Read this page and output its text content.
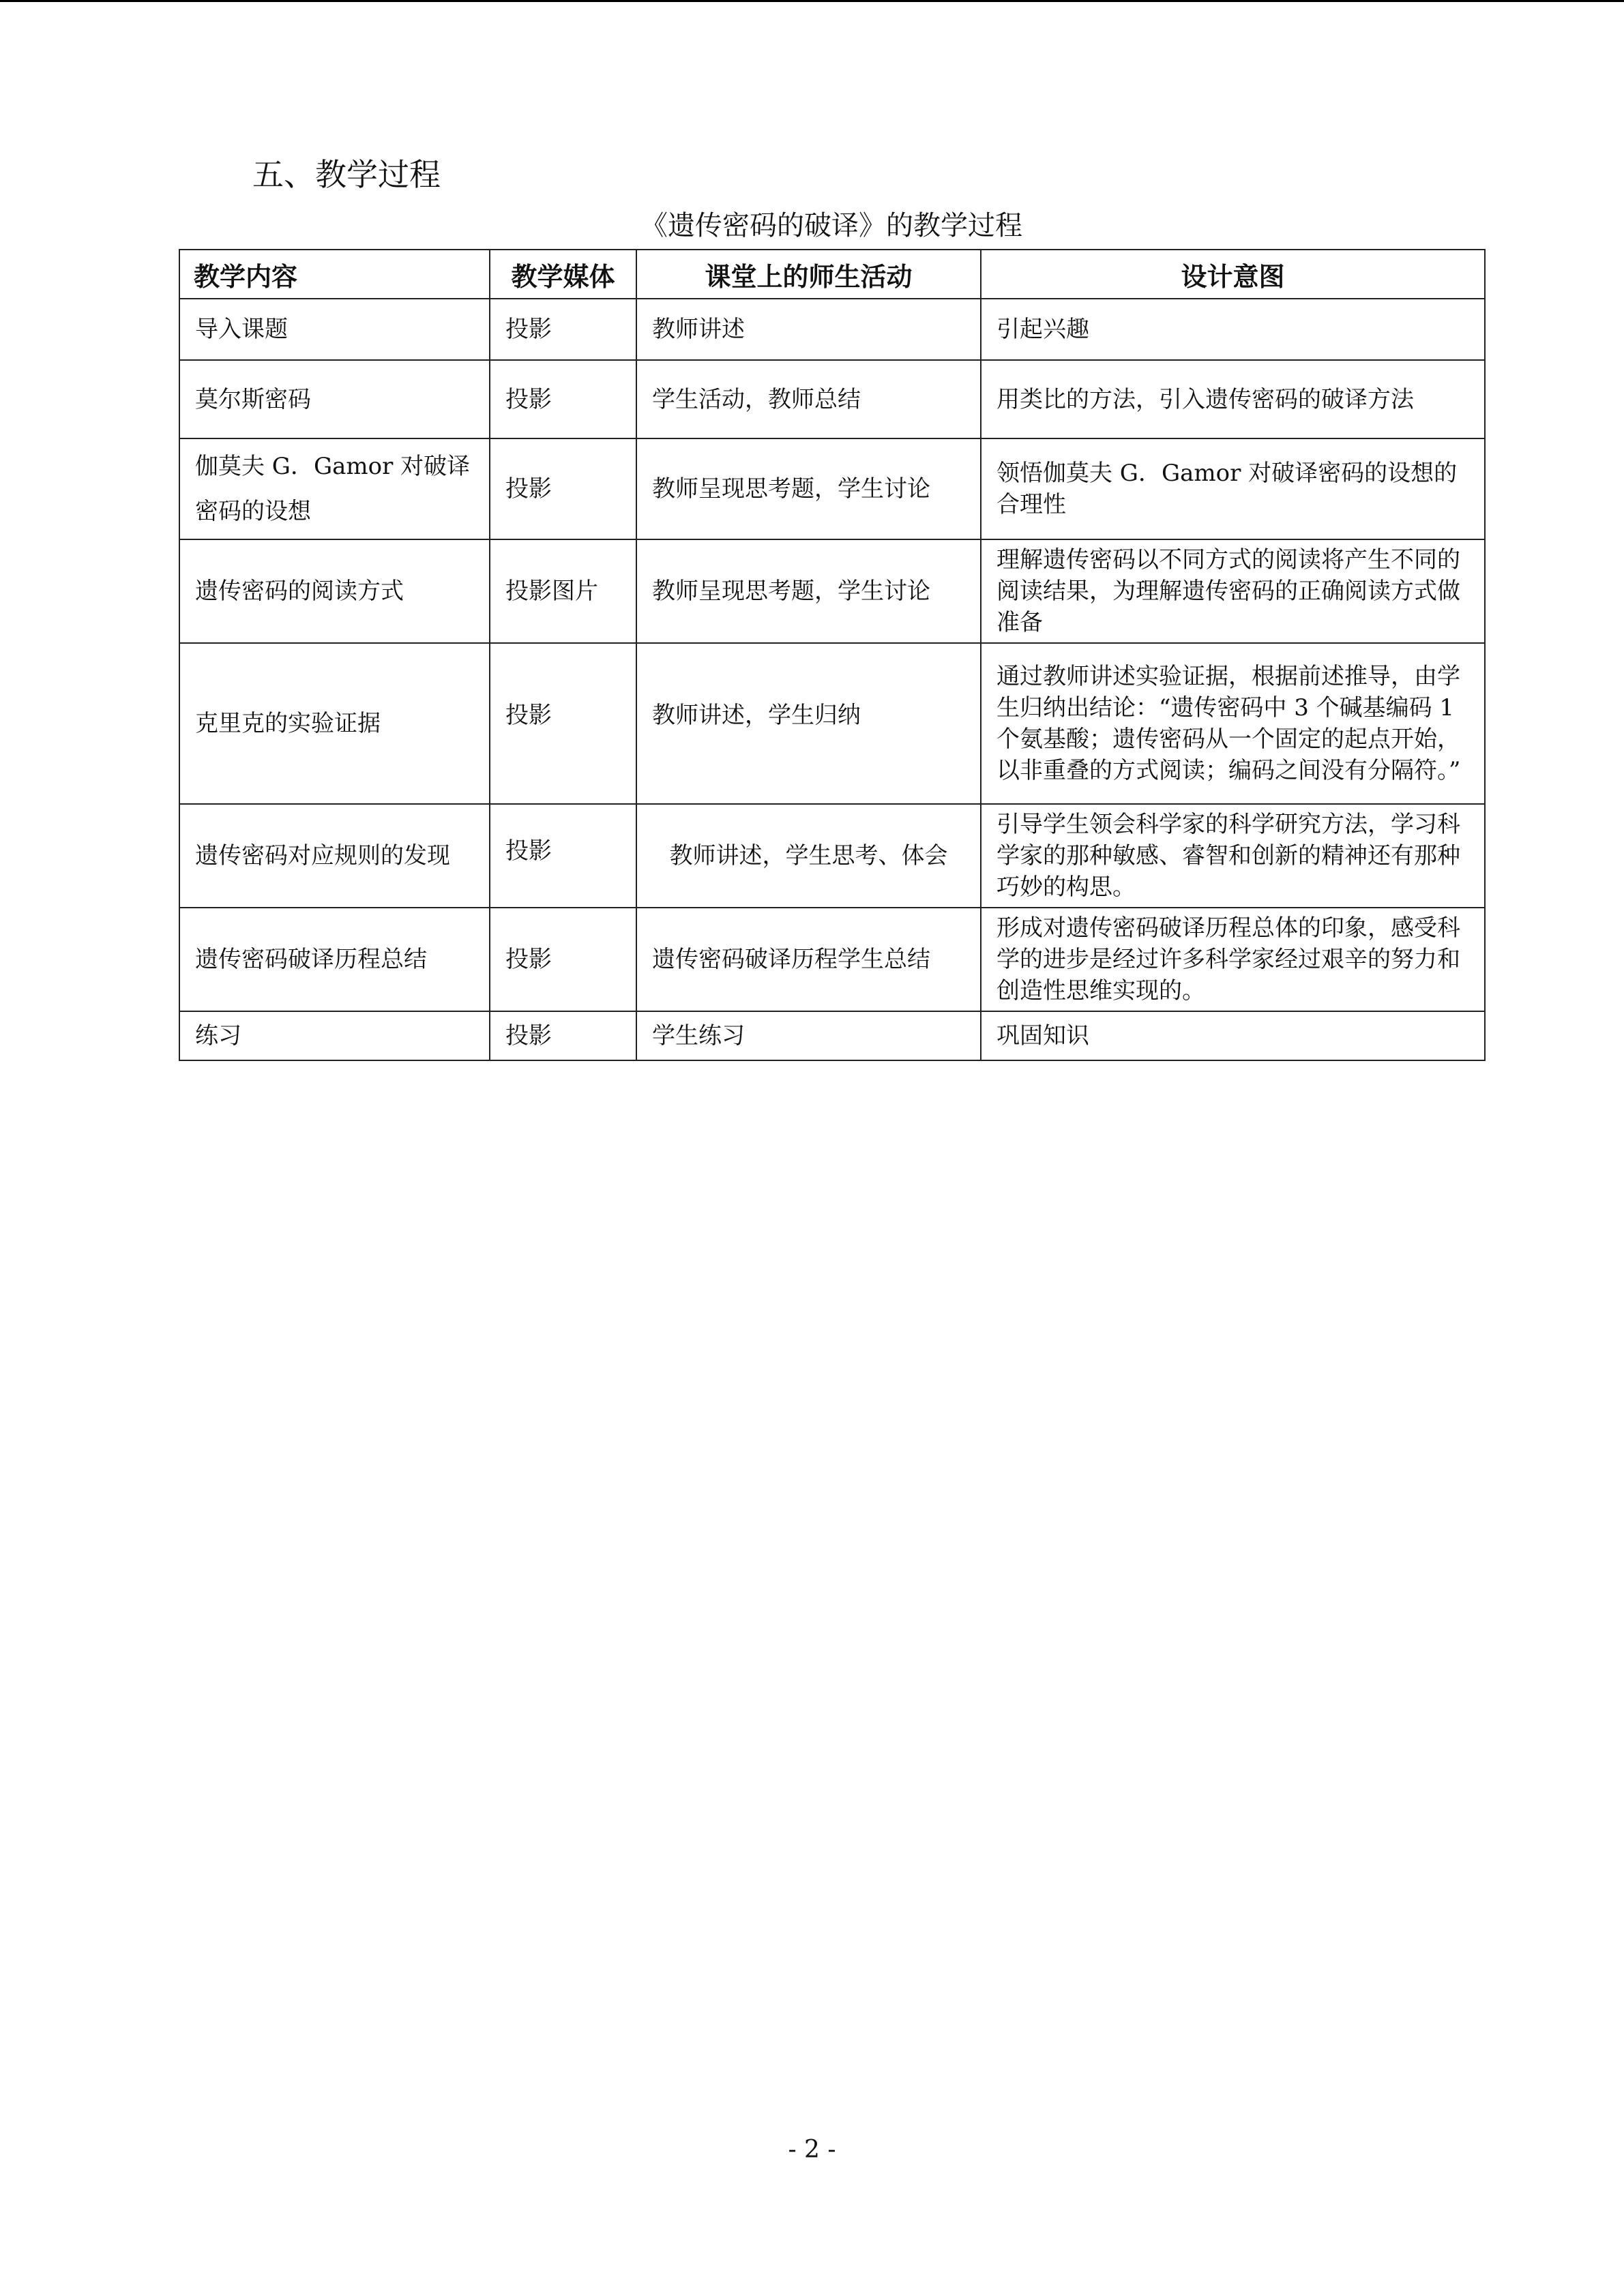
五、教学过程
《遗传密码的破译》的教学过程
教学内容	教学媒体	课堂上的师生活动	设计意图
导入课题	投影	教师讲述	引起兴趣
莫尔斯密码	投影	学生活动，教师总结	用类比的方法，引入遗传密码的破译方法
伽莫夫 G．Gamor 对破译密码的设想	投影	教师呈现思考题，学生讨论	领悟伽莫夫 G．Gamor 对破译密码的设想的合理性
遗传密码的阅读方式	投影图片	教师呈现思考题，学生讨论	理解遗传密码以不同方式的阅读将产生不同的阅读结果，为理解遗传密码的正确阅读方式做准备
克里克的实验证据	投影	教师讲述，学生归纳	通过教师讲述实验证据，根据前述推导，由学生归纳出结论：“遗传密码中 3 个碱基编码 1 个氨基酸；遗传密码从一个固定的起点开始，以非重叠的方式阅读；编码之间没有分隔符。”
遗传密码对应规则的发现	投影	教师讲述，学生思考、体会	引导学生领会科学家的科学研究方法，学习科学家的那种敏感、睿智和创新的精神还有那种巧妙的构思。
遗传密码破译历程总结	投影	遗传密码破译历程学生总结	形成对遗传密码破译历程总体的印象，感受科学的进步是经过许多科学家经过艰辛的努力和创造性思维实现的。
练习	投影	学生练习	巩固知识
- 2 -
